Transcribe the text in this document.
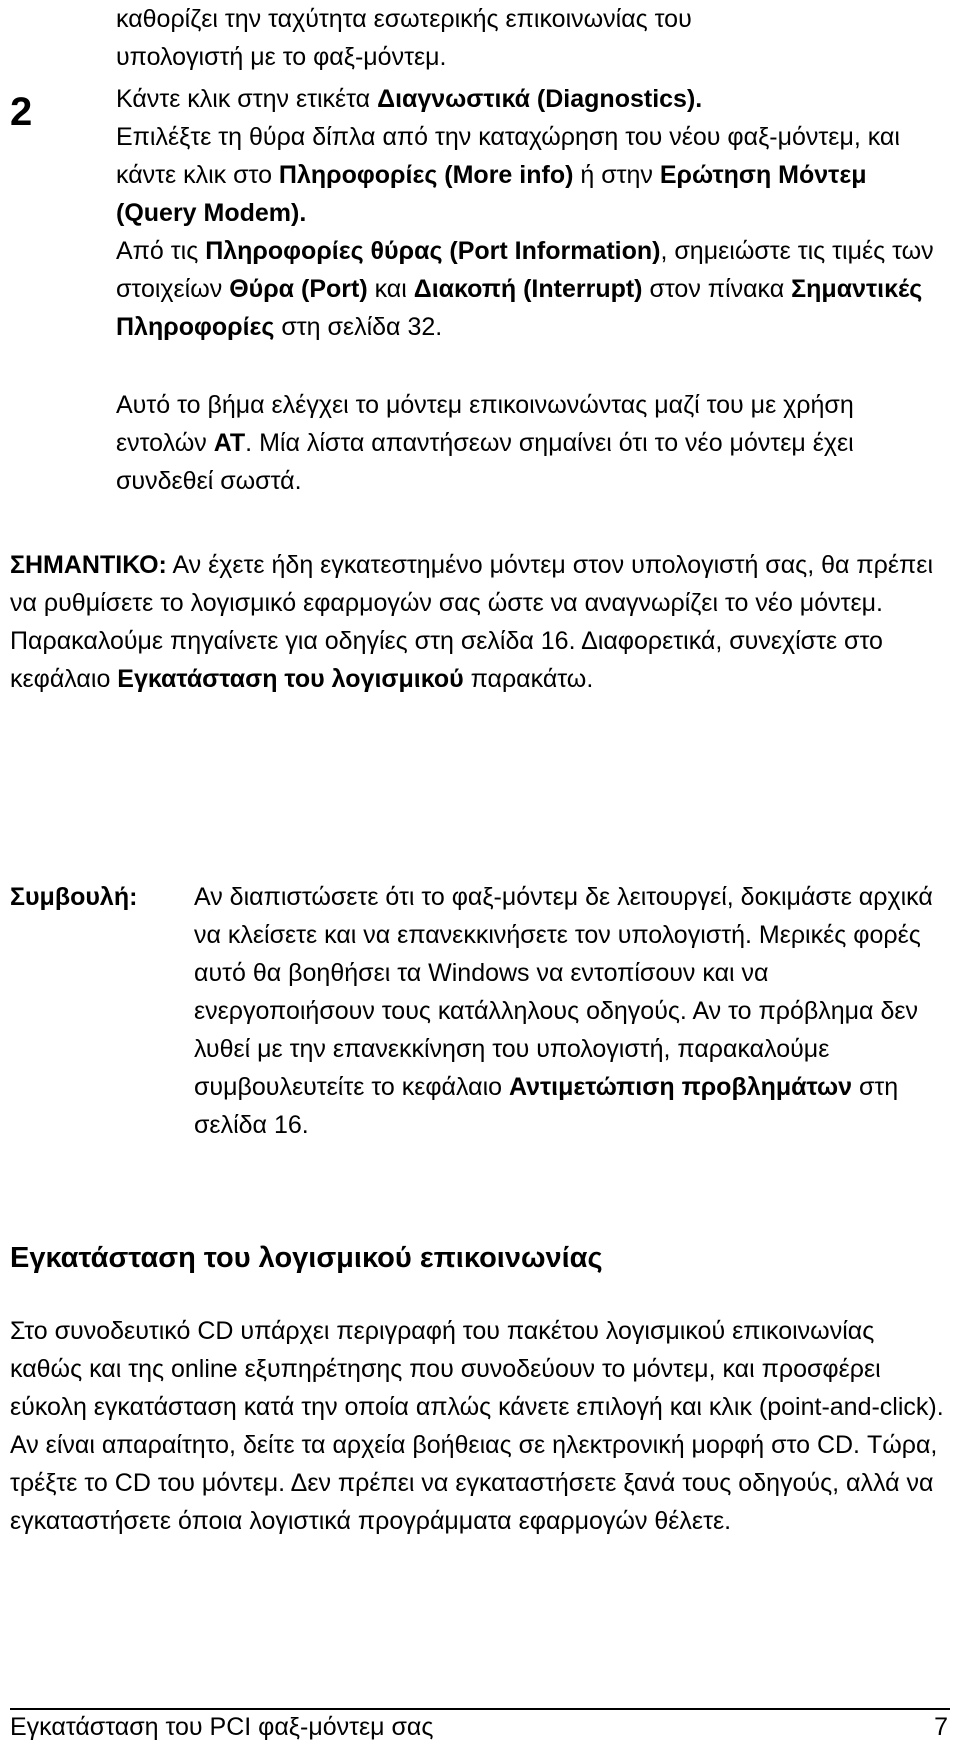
καθορίζει την ταχύτητα εσωτερικής επικοινωνίας του

υπολογιστή με το φαξ-μόντεμ.

2	Κάντε κλικ στην ετικέτα Διαγνωστικά (Diagnostics).
Επιλέξτε τη θύρα δίπλα από την καταχώρηση του νέου φαξ-μόντεμ, και κάντε κλικ στο Πληροφορίες (More info) ή στην Ερώτηση Μόντεμ (Query Modem).

Από τις Πληροφορίες θύρας (Port Information), σημειώστε τις τιμές των στοιχείων Θύρα (Port) και Διακοπή (Interrupt) στον πίνακα Σημαντικές Πληροφορίες στη σελίδα 32.

Αυτό το βήμα ελέγχει το μόντεμ επικοινωνώντας μαζί του με χρήση εντολών AT. Μία λίστα απαντήσεων σημαίνει ότι το νέο μόντεμ έχει συνδεθεί σωστά.

ΣΗΜΑΝΤΙΚΟ: Αν έχετε ήδη εγκατεστημένο μόντεμ στον υπολογιστή σας, θα πρέπει να ρυθμίσετε το λογισμικό εφαρμογών σας ώστε να αναγνωρίζει το νέο μόντεμ. Παρακαλούμε πηγαίνετε για οδηγίες στη σελίδα 16. Διαφορετικά, συνεχίστε στο κεφάλαιο Εγκατάσταση του λογισμικού παρακάτω.

Συμβουλή: Αν διαπιστώσετε ότι το φαξ-μόντεμ δε λειτουργεί, δοκιμάστε αρχικά να κλείσετε και να επανεκκινήσετε τον υπολογιστή. Μερικές φορές αυτό θα βοηθήσει τα Windows να εντοπίσουν και να ενεργοποιήσουν τους κατάλληλους οδηγούς. Αν το πρόβλημα δεν λυθεί με την επανεκκίνηση του υπολογιστή, παρακαλούμε συμβουλευτείτε το κεφάλαιο Αντιμετώπιση προβλημάτων στη σελίδα 16.

Εγκατάσταση του λογισμικού επικοινωνίας

Στο συνοδευτικό CD υπάρχει περιγραφή του πακέτου λογισμικού επικοινωνίας καθώς και της online εξυπηρέτησης που συνοδεύουν το μόντεμ, και προσφέρει εύκολη εγκατάσταση κατά την οποία απλώς κάνετε επιλογή και κλικ (point-and-click). Αν είναι απαραίτητο, δείτε τα αρχεία βοήθειας σε ηλεκτρονική μορφή στο CD. Τώρα, τρέξτε το CD του μόντεμ. Δεν πρέπει να εγκαταστήσετε ξανά τους οδηγούς, αλλά να εγκαταστήσετε όποια λογιστικά προγράμματα εφαρμογών θέλετε.

Εγκατάσταση του PCI φαξ-μόντεμ σας	7
